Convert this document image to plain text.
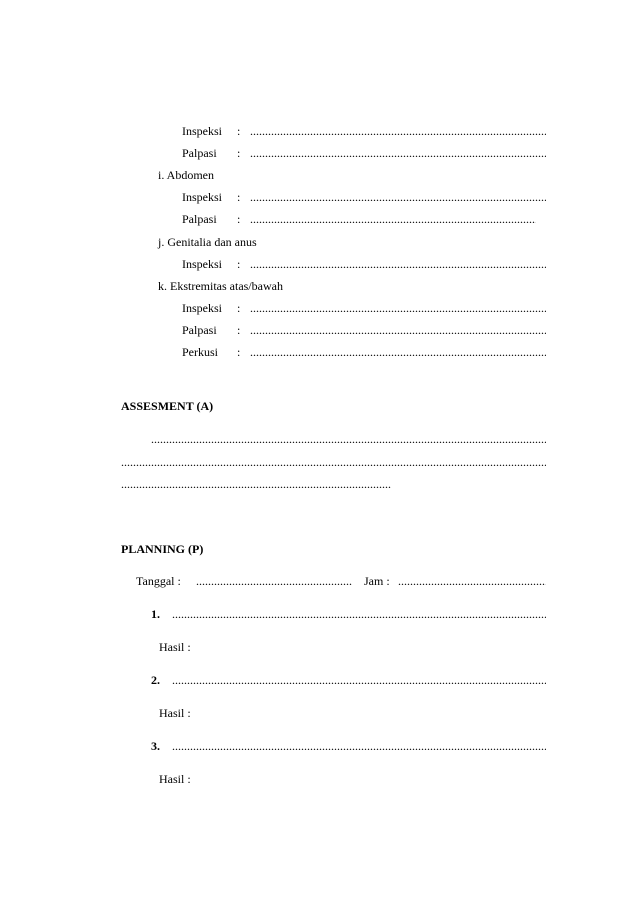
Inspeksi :
.....
Palpasi :
.....
i. Abdomen
Inspeksi :
.....
Palpasi :
.....
j. Genitalia dan anus
Inspeksi :
.....
k. Ekstremitas atas/bawah
Inspeksi :
.....
Palpasi :
.....
Perkusi :
.....
ASSESMENT (A)
.....
.....
.....
PLANNING (P)
Tanggal :
.....	Jam :
.....
1.
.....
Hasil :
2.
.....
Hasil :
3.
.....
Hasil :
